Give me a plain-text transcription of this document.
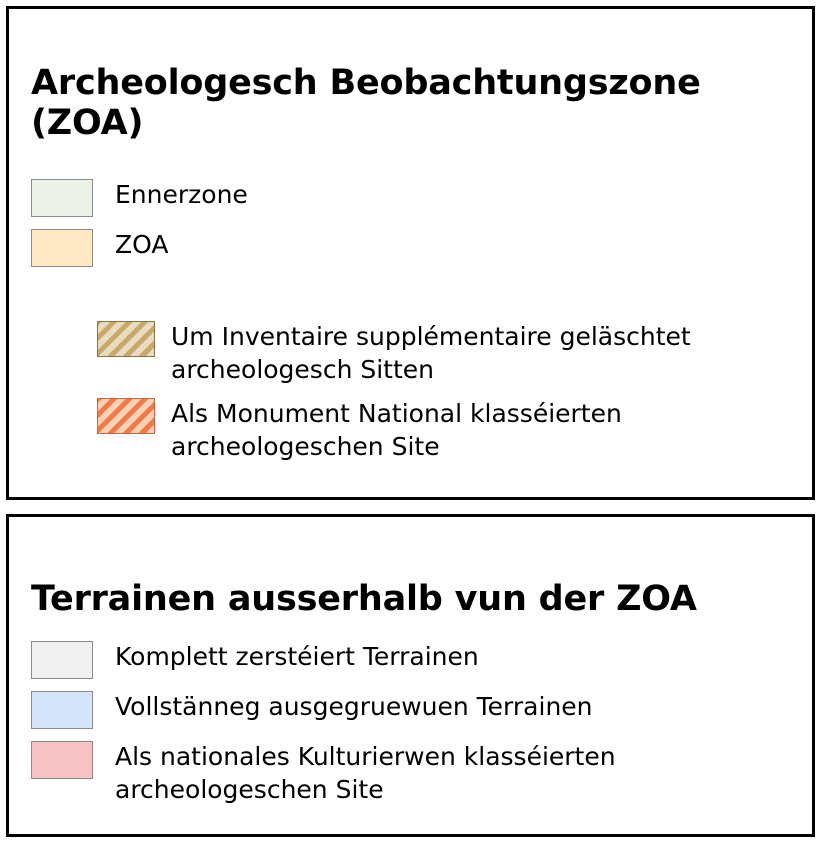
Archeologesch Beobachtungszone (ZOA)
Ennerzone
ZOA
Um Inventaire supplémentaire geläschtet archeologesch Sitten
Als Monument National klasséierten archeologeschen Site
Terrainen ausserhalb vun der ZOA
Komplett zerstéiert Terrainen
Vollstänneg ausgegruewuen Terrainen
Als nationales Kulturierwen klasséierten archeologeschen Site
